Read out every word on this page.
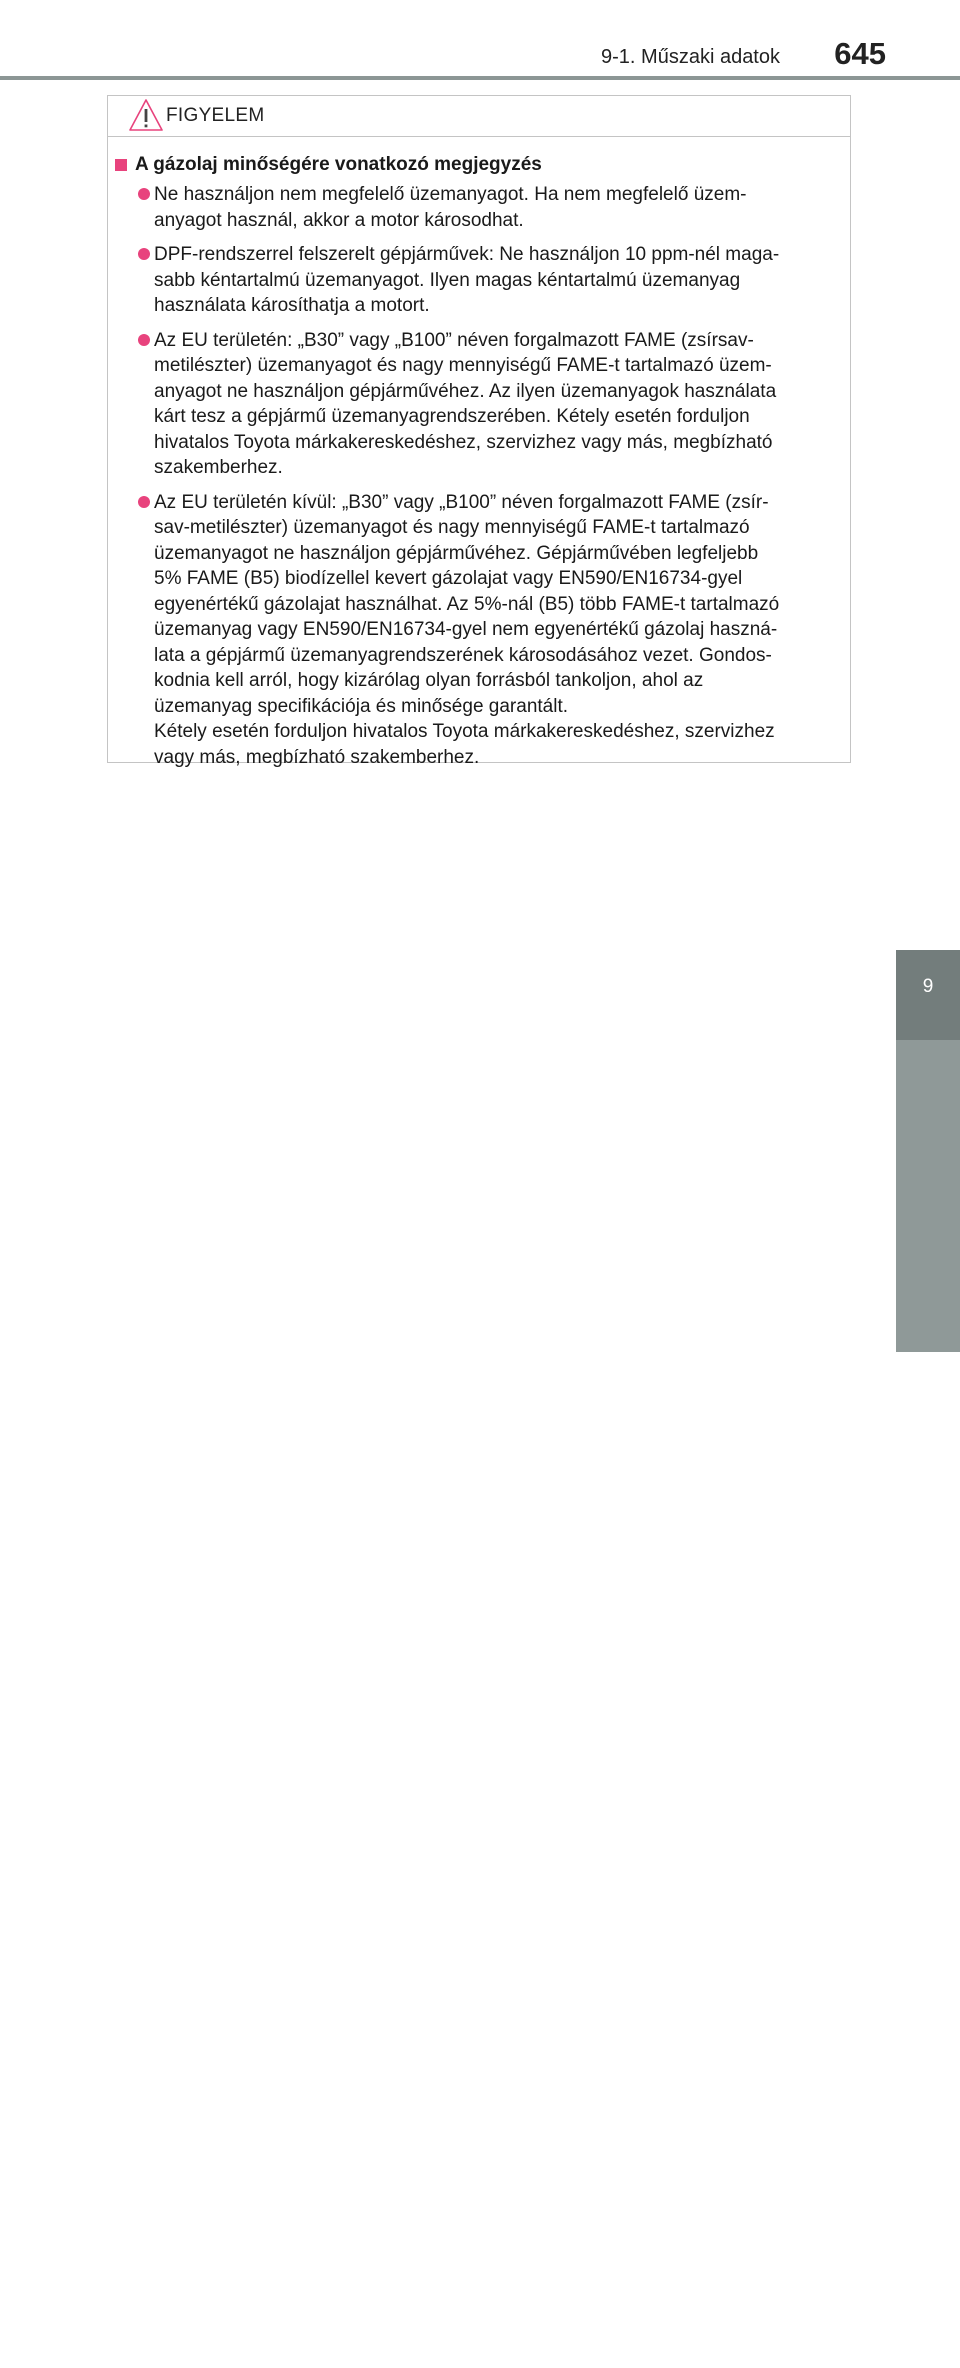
9-1. Műszaki adatok 645
FIGYELEM
A gázolaj minőségére vonatkozó megjegyzés
Ne használjon nem megfelelő üzemanyagot. Ha nem megfelelő üzem-
anyagot használ, akkor a motor károsodhat.
DPF-rendszerrel felszerelt gépjárművek: Ne használjon 10 ppm-nél maga-
sabb kéntartalmú üzemanyagot. Ilyen magas kéntartalmú üzemanyag
használata károsíthatja a motort.
Az EU területén: „B30” vagy „B100” néven forgalmazott FAME (zsírsav-
metilészter) üzemanyagot és nagy mennyiségű FAME-t tartalmazó üzem-
anyagot ne használjon gépjárművéhez. Az ilyen üzemanyagok használata
kárt tesz a gépjármű üzemanyagrendszerében. Kétely esetén forduljon
hivatalos Toyota márkakereskedéshez, szervizhez vagy más, megbízható
szakemberhez.
Az EU területén kívül: „B30” vagy „B100” néven forgalmazott FAME (zsír-
sav-metilészter) üzemanyagot és nagy mennyiségű FAME-t tartalmazó
üzemanyagot ne használjon gépjárművéhez. Gépjárművében legfeljebb
5% FAME (B5) biodízellel kevert gázolajat vagy EN590/EN16734-gyel
egyenértékű gázolajat használhat. Az 5%-nál (B5) több FAME-t tartalmazó
üzemanyag vagy EN590/EN16734-gyel nem egyenértékű gázolaj haszná-
lata a gépjármű üzemanyagrendszerének károsodásához vezet. Gondos-
kodnia kell arról, hogy kizárólag olyan forrásból tankoljon, ahol az
üzemanyag specifikációja és minősége garantált.
Kétely esetén forduljon hivatalos Toyota márkakereskedéshez, szervizhez
vagy más, megbízható szakemberhez.
9
Gépjármű műszaki adatai
